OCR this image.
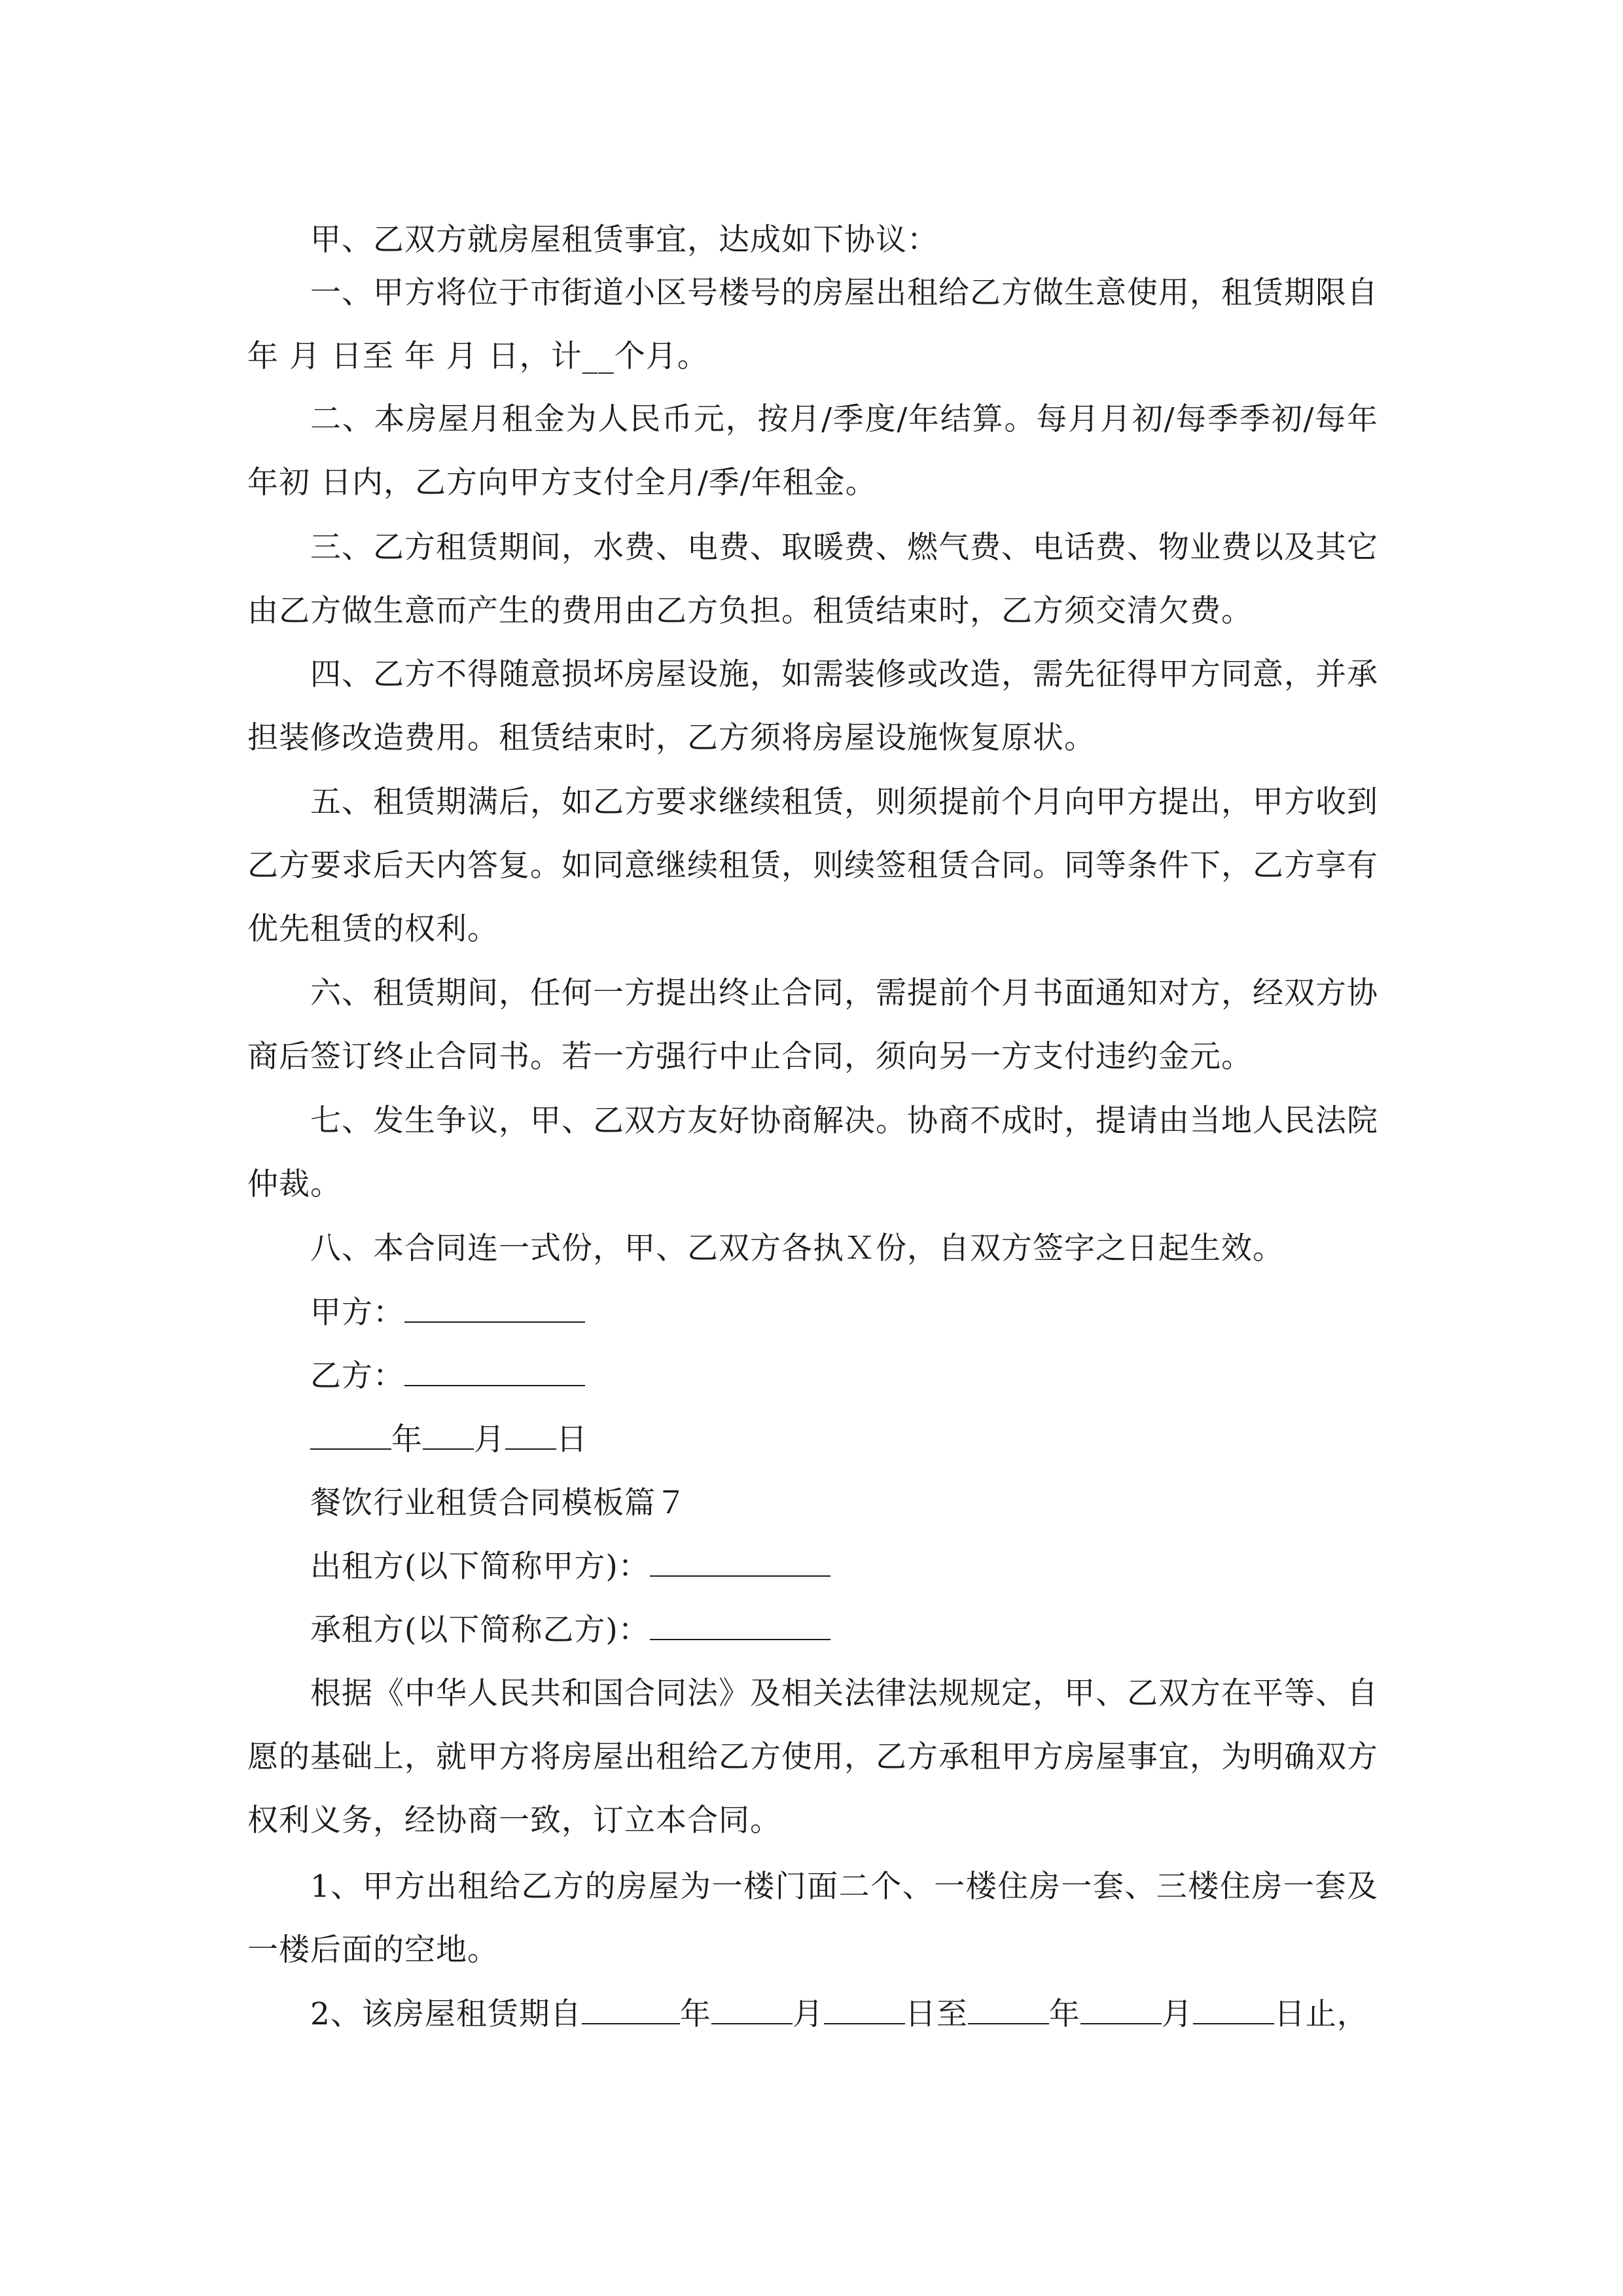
甲、乙双方就房屋租赁事宜，达成如下协议：

一、甲方将位于市街道小区号楼号的房屋出租给乙方做生意使用，租赁期限自 年 月 日至 年 月 日，计__个月。

二、本房屋月租金为人民币元，按月/季度/年结算。每月月初/每季季初/每年年初 日内，乙方向甲方支付全月/季/年租金。

三、乙方租赁期间，水费、电费、取暖费、燃气费、电话费、物业费以及其它由乙方做生意而产生的费用由乙方负担。租赁结束时，乙方须交清欠费。

四、乙方不得随意损坏房屋设施，如需装修或改造，需先征得甲方同意，并承担装修改造费用。租赁结束时，乙方须将房屋设施恢复原状。

五、租赁期满后，如乙方要求继续租赁，则须提前个月向甲方提出，甲方收到乙方要求后天内答复。如同意继续租赁，则续签租赁合同。同等条件下，乙方享有优先租赁的权利。

六、租赁期间，任何一方提出终止合同，需提前个月书面通知对方，经双方协商后签订终止合同书。若一方强行中止合同，须向另一方支付违约金元。

七、发生争议，甲、乙双方友好协商解决。协商不成时，提请由当地人民法院仲裁。

八、本合同连一式份，甲、乙双方各执Ｘ份，自双方签字之日起生效。

甲方：
乙方：
年 月 日
餐饮行业租赁合同模板篇７
出租方(以下简称甲方)：
承租方(以下简称乙方)：

根据《中华人民共和国合同法》及相关法律法规规定，甲、乙双方在平等、自愿的基础上，就甲方将房屋出租给乙方使用，乙方承租甲方房屋事宜，为明确双方权利义务，经协商一致，订立本合同。

1、甲方出租给乙方的房屋为一楼门面二个、一楼住房一套、三楼住房一套及一楼后面的空地。

2、该房屋租赁期自	年	月	日至	年	月	日止，
